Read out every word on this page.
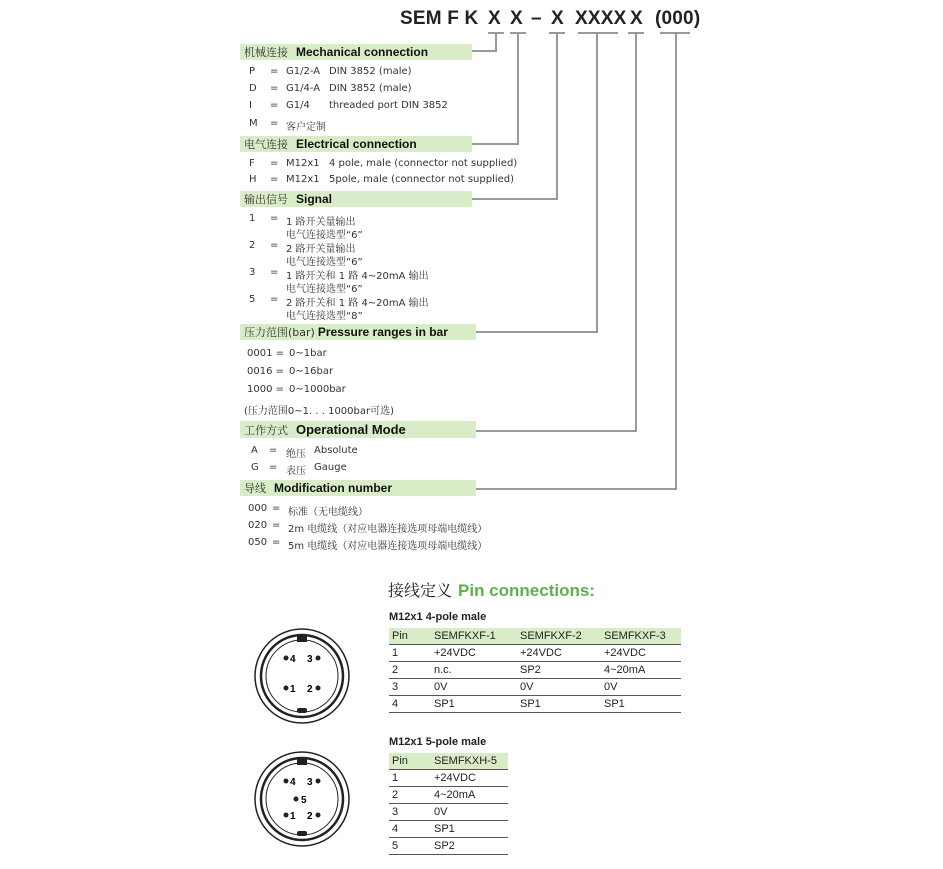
SEM F K X X – X XXXX X (000)
机械连接 Mechanical connection
P = G1/2-A DIN 3852 (male)
D = G1/4-A DIN 3852 (male)
I = G1/4 threaded port DIN 3852
M = 客户定制
电气连接 Electrical connection
F = M12x1 4 pole, male (connector not supplied)
H = M12x1 5pole, male (connector not supplied)
输出信号 Signal
1 = 1 路开关量输出
电气连接选型“6”
2 = 2 路开关量输出
电气连接选型“6”
3 = 1 路开关和 1 路 4~20mA 输出
电气连接选型“6”
5 = 2 路开关和 1 路 4~20mA 输出
电气连接选型“8”
压力范围(bar) Pressure ranges in bar
0001 = 0~1bar
0016 = 0~16bar
1000 = 0~1000bar
(压力范围0~1. . . 1000bar可选)
工作方式 Operational Mode
A = 绝压 Absolute
G = 表压 Gauge
导线 Modification number
000 = 标准（无电缆线）
020 = 2m 电缆线（对应电器连接选项母端电缆线）
050 = 5m 电缆线（对应电器连接选项母端电缆线）
接线定义 Pin connections:
M12x1 4-pole male
Pin	SEMFKXF-1	SEMFKXF-2	SEMFKXF-3
1	+24VDC	+24VDC	+24VDC
2	n.c.	SP2	4~20mA
3	0V	0V	0V
4	SP1	SP1	SP1
M12x1 5-pole male
Pin	SEMFKXH-5
1	+24VDC
2	4~20mA
3	0V
4	SP1
5	SP2
4 3
1 2
4 3
5
1 2
